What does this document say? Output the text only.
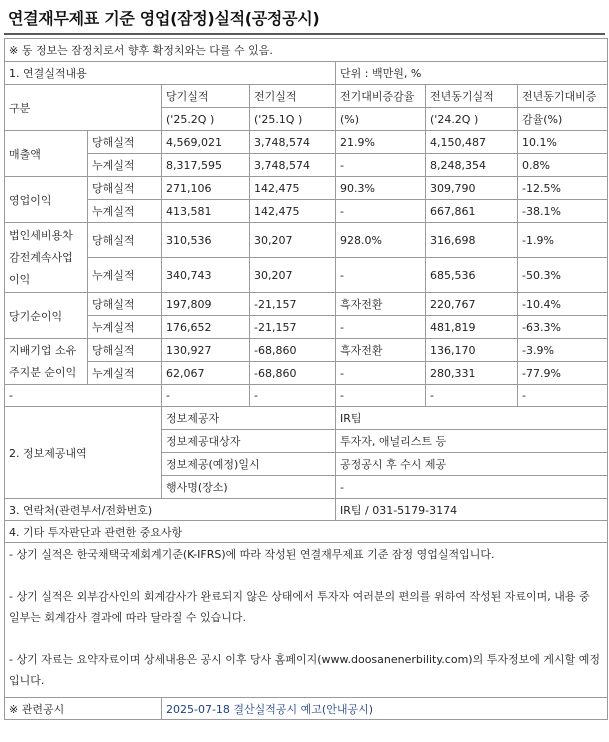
연결재무제표 기준 영업(잠정)실적(공정공시)
※ 동 정보는 잠정치로서 향후 확정치와는 다를 수 있음.						
1. 연결실적내용				단위 : 백만원, %		
구분		당기실적	전기실적	전기대비증감율	전년동기실적	전년동기대비증
		('25.2Q )	('25.1Q )	(%)	('24.2Q )	감율(%)
매출액	당해실적	4,569,021	3,748,574	21.9%	4,150,487	10.1%
	누계실적	8,317,595	3,748,574	-	8,248,354	0.8%
영업이익	당해실적	271,106	142,475	90.3%	309,790	-12.5%
	누계실적	413,581	142,475	-	667,861	-38.1%
법인세비용차감전계속사업이익	당해실적	310,536	30,207	928.0%	316,698	-1.9%
	누계실적	340,743	30,207	-	685,536	-50.3%
당기순이익	당해실적	197,809	-21,157	흑자전환	220,767	-10.4%
	누계실적	176,652	-21,157	-	481,819	-63.3%
지배기업 소유주지분 순이익	당해실적	130,927	-68,860	흑자전환	136,170	-3.9%
	누계실적	62,067	-68,860	-	280,331	-77.9%
-		-	-	-	-	-
2. 정보제공내역		정보제공자		IR팀		
		정보제공대상자		투자자, 애널리스트 등		
		정보제공(예정)일시		공정공시 후 수시 제공		
		행사명(장소)		-		
3. 연락처(관련부서/전화번호)				IR팀 / 031-5179-3174		
4. 기타 투자판단과 관련한 중요사항						

- 상기 실적은 한국채택국제회계기준(K-IFRS)에 따라 작성된 연결재무제표 기준 잠정 영업실적입니다.
- 상기 실적은 외부감사인의 회계감사가 완료되지 않은 상태에서 투자자 여러분의 편의를 위하여 작성된 자료이며, 내용 중 일부는 회계감사 결과에 따라 달라질 수 있습니다.
- 상기 자료는 요약자료이며 상세내용은 공시 이후 당사 홈페이지(www.doosanenerbility.com)의 투자정보에 게시할 예정입니다.						

※ 관련공시		2025-07-18 결산실적공시 예고(안내공시)				
